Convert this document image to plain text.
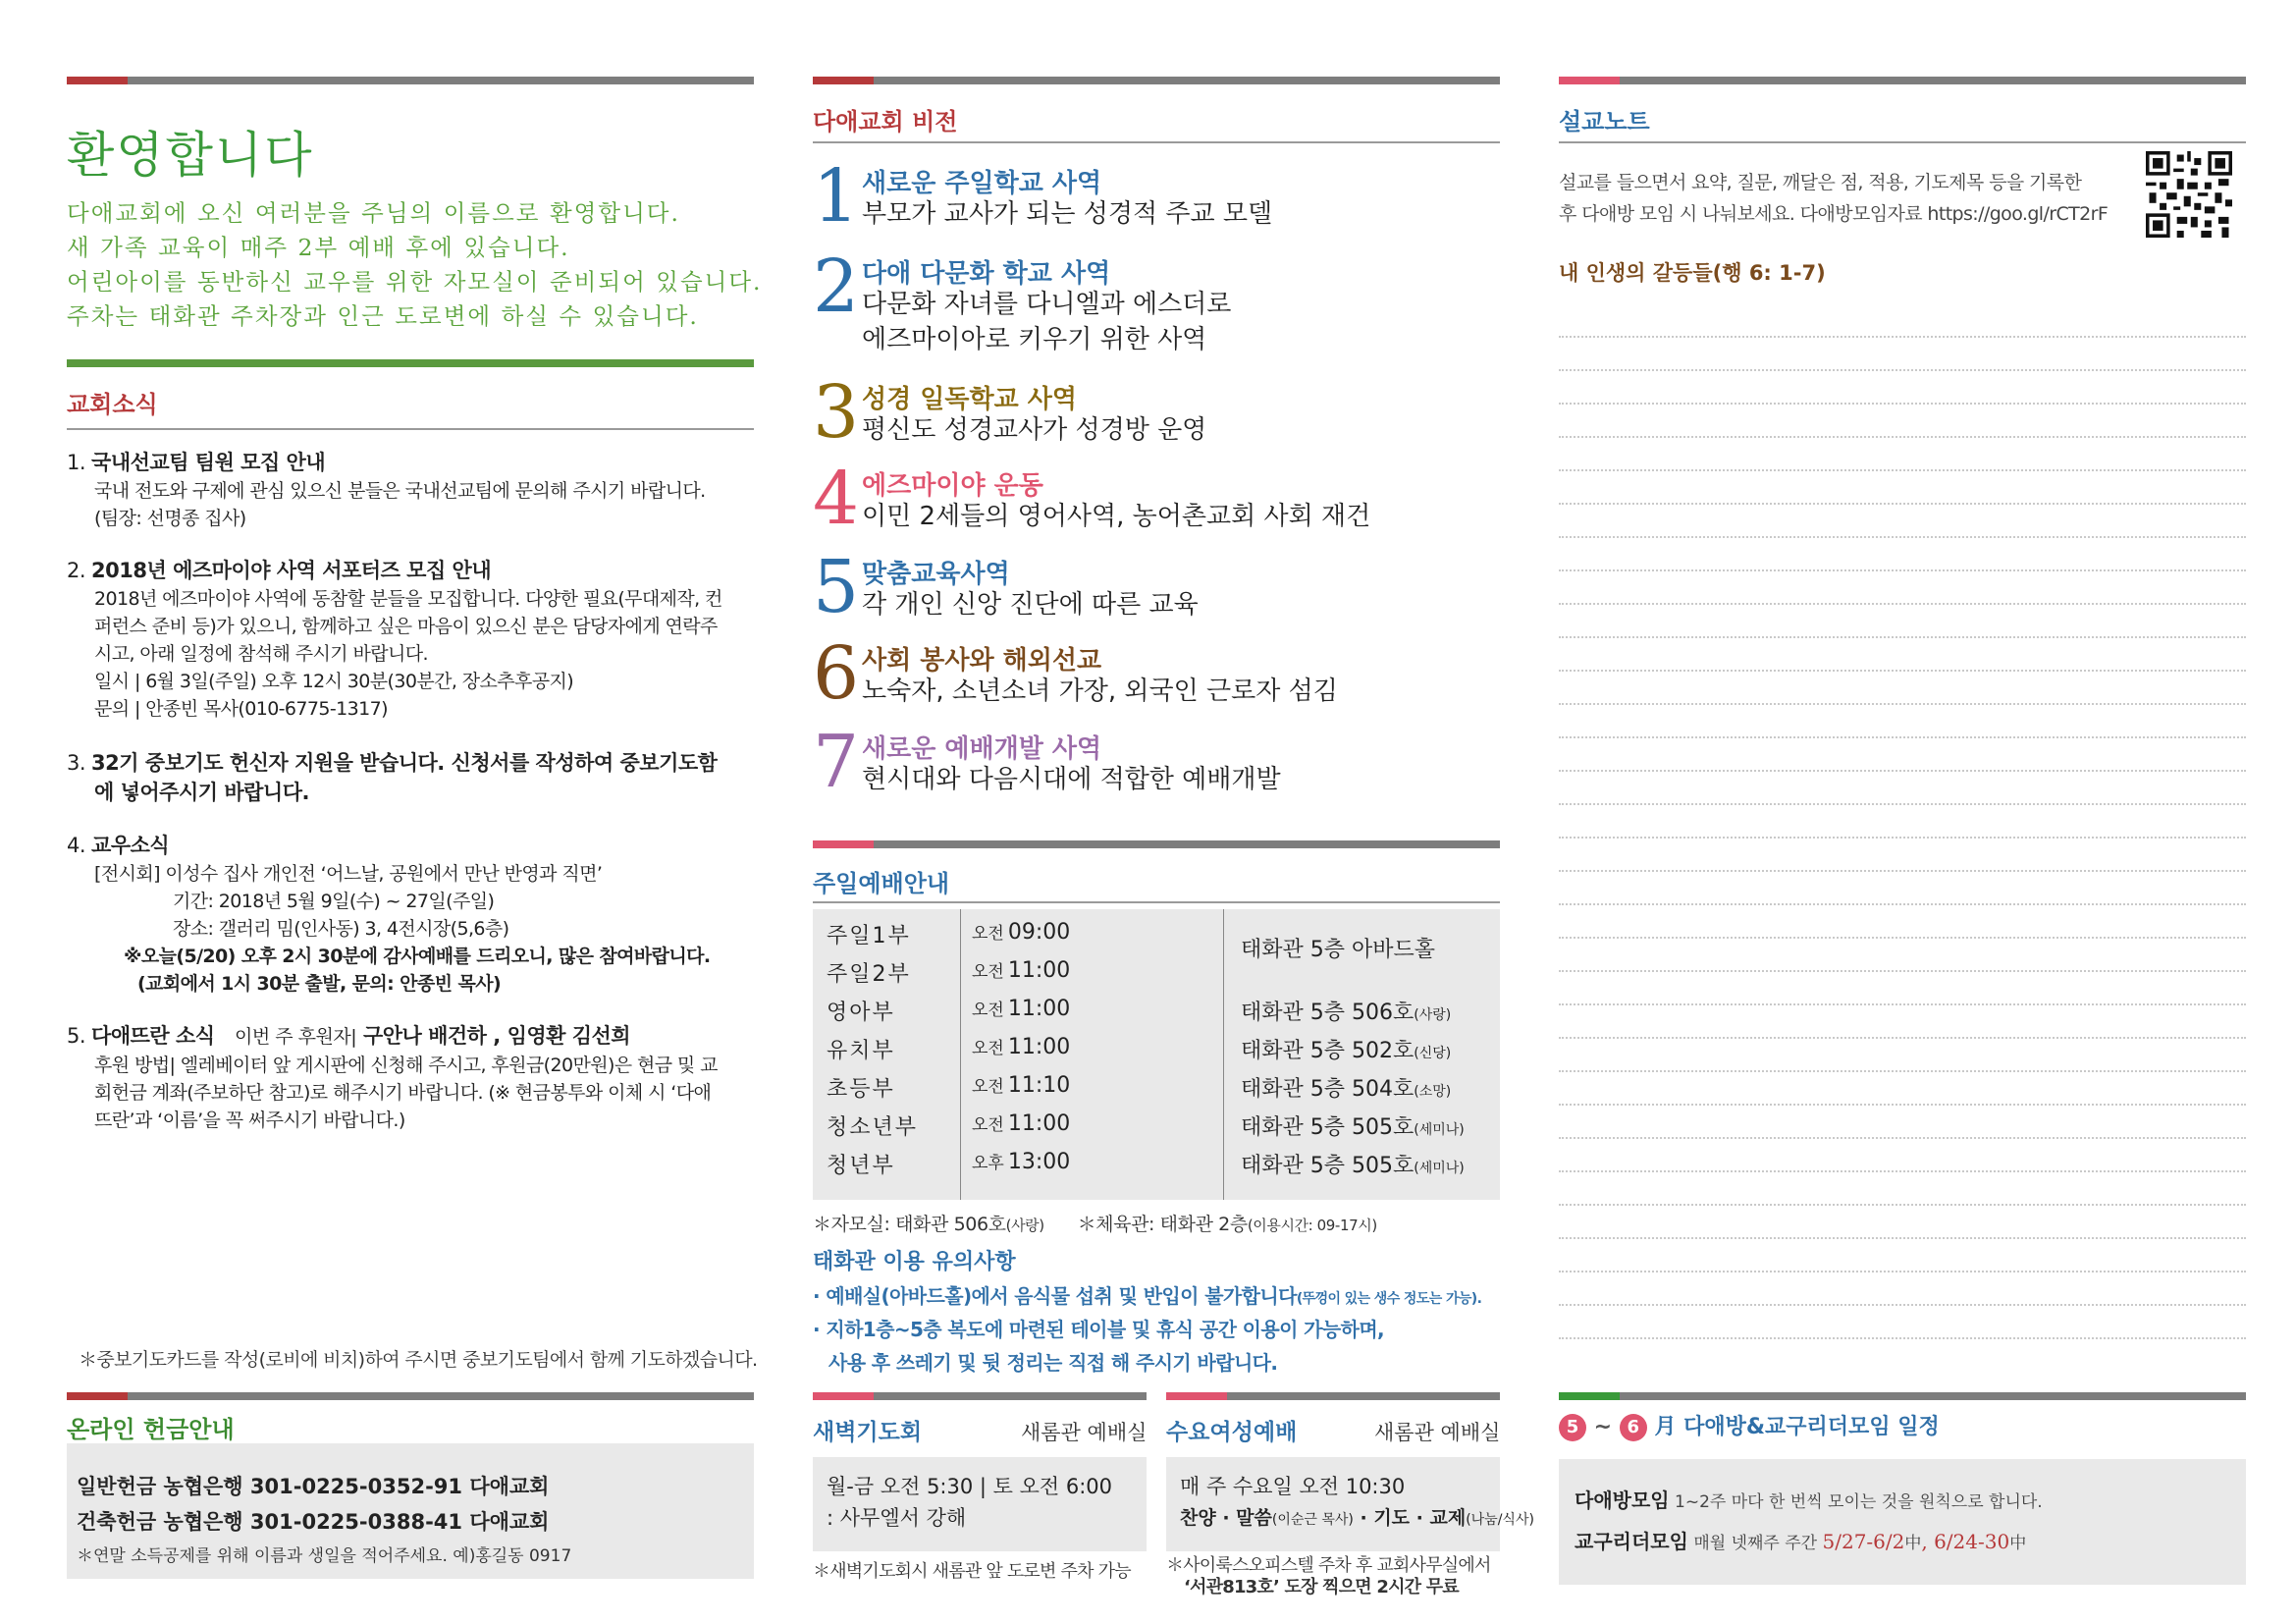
환영합니다
다애교회에 오신 여러분을 주님의 이름으로 환영합니다.
새 가족 교육이 매주 2부 예배 후에 있습니다.
어린아이를 동반하신 교우를 위한 자모실이 준비되어 있습니다.
주차는 태화관 주차장과 인근 도로변에 하실 수 있습니다.
교회소식
1. 국내선교팀 팀원 모집 안내
국내 전도와 구제에 관심 있으신 분들은 국내선교팀에 문의해 주시기 바랍니다.
(팀장: 선명종 집사)
2. 2018년 에즈마이야 사역 서포터즈 모집 안내
2018년 에즈마이야 사역에 동참할 분들을 모집합니다. 다양한 필요(무대제작, 컨
퍼런스 준비 등)가 있으니, 함께하고 싶은 마음이 있으신 분은 담당자에게 연락주
시고, 아래 일정에 참석해 주시기 바랍니다.
일시 | 6월 3일(주일) 오후 12시 30분(30분간, 장소추후공지)
문의 | 안종빈 목사(010-6775-1317)
3. 32기 중보기도 헌신자 지원을 받습니다. 신청서를 작성하여 중보기도함
에 넣어주시기 바랍니다.
4. 교우소식
[전시회] 이성수 집사 개인전 ‘어느날, 공원에서 만난 반영과 직면’
기간: 2018년 5월 9일(수) ~ 27일(주일)
장소: 갤러리 밈(인사동) 3, 4전시장(5,6층)
※오늘(5/20) 오후 2시 30분에 감사예배를 드리오니, 많은 참여바랍니다.
(교회에서 1시 30분 출발, 문의: 안종빈 목사)
5. 다애뜨란 소식 이번 주 후원자| 구안나 배건하 , 임영환 김선희
후원 방법| 엘레베이터 앞 게시판에 신청해 주시고, 후원금(20만원)은 현금 및 교
회헌금 계좌(주보하단 참고)로 해주시기 바랍니다. (※ 현금봉투와 이체 시 ‘다애
뜨란’과 ‘이름’을 꼭 써주시기 바랍니다.)
＊중보기도카드를 작성(로비에 비치)하여 주시면 중보기도팀에서 함께 기도하겠습니다.
온라인 헌금안내
일반헌금 농협은행 301-0225-0352-91 다애교회
건축헌금 농협은행 301-0225-0388-41 다애교회
＊연말 소득공제를 위해 이름과 생일을 적어주세요. 예)홍길동 0917
다애교회 비전
1 새로운 주일학교 사역
부모가 교사가 되는 성경적 주교 모델
2 다애 다문화 학교 사역
다문화 자녀를 다니엘과 에스더로
에즈마이아로 키우기 위한 사역
3 성경 일독학교 사역
평신도 성경교사가 성경방 운영
4 에즈마이야 운동
이민 2세들의 영어사역, 농어촌교회 사회 재건
5 맞춤교육사역
각 개인 신앙 진단에 따른 교육
6 사회 봉사와 해외선교
노숙자, 소년소녀 가장, 외국인 근로자 섬김
7 새로운 예배개발 사역
현시대와 다음시대에 적합한 예배개발
주일예배안내
태화관 5층 아바드홀
주일1부	오전 09:00
주일2부	오전 11:00
영아부	오전 11:00	태화관 5층 506호(사랑)
유치부	오전 11:00	태화관 5층 502호(신당)
초등부	오전 11:10	태화관 5층 504호(소망)
청소년부	오전 11:00	태화관 5층 505호(세미나)
청년부	오후 13:00	태화관 5층 505호(세미나)
＊자모실: 태화관 506호(사랑) ＊체육관: 태화관 2층(이용시간: 09-17시)
태화관 이용 유의사항
· 예배실(아바드홀)에서 음식물 섭취 및 반입이 불가합니다(뚜껑이 있는 생수 정도는 가능).
· 지하1층~5층 복도에 마련된 테이블 및 휴식 공간 이용이 가능하며,
사용 후 쓰레기 및 뒷 정리는 직접 해 주시기 바랍니다.
새벽기도회	새롬관 예배실
월-금 오전 5:30 | 토 오전 6:00
: 사무엘서 강해
＊새벽기도회시 새롬관 앞 도로변 주차 가능
수요여성예배	새롬관 예배실
매 주 수요일 오전 10:30
찬양 · 말씀(이순근 목사) · 기도 · 교제(나눔/식사)
＊사이룩스오피스텔 주차 후 교회사무실에서
‘서관813호’ 도장 찍으면 2시간 무료
설교노트
설교를 들으면서 요약, 질문, 깨달은 점, 적용, 기도제목 등을 기록한
후 다애방 모임 시 나눠보세요. 다애방모임자료 https://goo.gl/rCT2rF
내 인생의 갈등들(행 6: 1-7)
5 ~ 6 月 다애방&교구리더모임 일정
다애방모임 1~2주 마다 한 번씩 모이는 것을 원칙으로 합니다.
교구리더모임 매월 넷째주 주간 5/27-6/2中, 6/24-30中
